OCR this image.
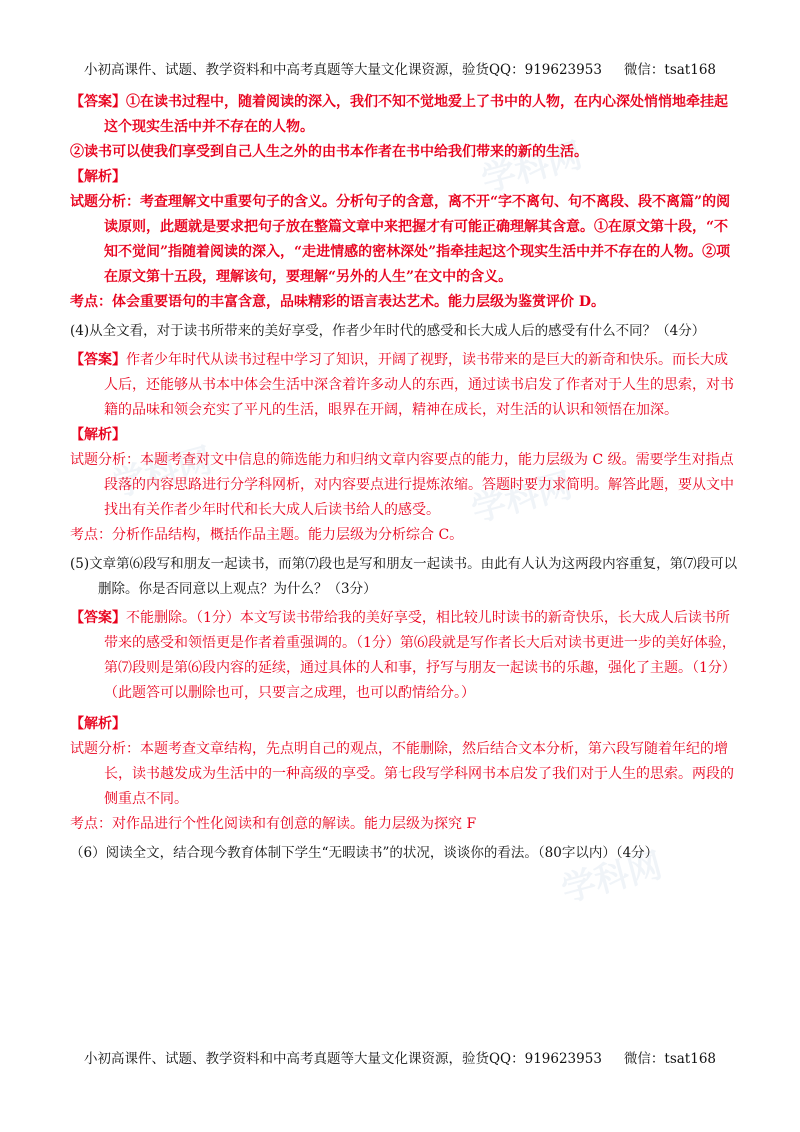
小初高课件、试题、教学资料和中高考真题等大量文化课资源，验货QQ：919623953 微信：tsat168
学科网
学科网	学科网
学科网

【答案】①在读书过程中，随着阅读的深入，我们不知不觉地爱上了书中的人物，在内心深处悄悄地牵挂起这个现实生活中并不存在的人物。

②读书可以使我们享受到自己人生之外的由书本作者在书中给我们带来的新的生活。

【解析】

试题分析：考查理解文中重要句子的含义。分析句子的含意，离不开“字不离句、句不离段、段不离篇”的阅读原则，此题就是要求把句子放在整篇文章中来把握才有可能正确理解其含意。①在原文第十段，“不知不觉间”指随着阅读的深入，“走进情感的密林深处”指牵挂起这个现实生活中并不存在的人物。②项在原文第十五段，理解该句，要理解“另外的人生”在文中的含义。

考点：体会重要语句的丰富含意，品味精彩的语言表达艺术。能力层级为鉴赏评价 D。

(4)从全文看，对于读书所带来的美好享受，作者少年时代的感受和长大成人后的感受有什么不同？（4分）

【答案】作者少年时代从读书过程中学习了知识，开阔了视野，读书带来的是巨大的新奇和快乐。而长大成人后，还能够从书本中体会生活中深含着许多动人的东西，通过读书启发了作者对于人生的思索，对书籍的品味和领会充实了平凡的生活，眼界在开阔，精神在成长，对生活的认识和领悟在加深。

【解析】

试题分析：本题考查对文中信息的筛选能力和归纳文章内容要点的能力，能力层级为 C 级。需要学生对指点段落的内容思路进行分学科网析，对内容要点进行提炼浓缩。答题时要力求简明。解答此题，要从文中找出有关作者少年时代和长大成人后读书给人的感受。

考点：分析作品结构，概括作品主题。能力层级为分析综合 C。

(5)文章第⑹段写和朋友一起读书，而第⑺段也是写和朋友一起读书。由此有人认为这两段内容重复，第⑺段可以删除。你是否同意以上观点？为什么？（3分）

【答案】不能删除。（1分）本文写读书带给我的美好享受，相比较儿时读书的新奇快乐，长大成人后读书所带来的感受和领悟更是作者着重强调的。（1分）第⑹段就是写作者长大后对读书更进一步的美好体验，第⑺段则是第⑹段内容的延续，通过具体的人和事，抒写与朋友一起读书的乐趣，强化了主题。（1分）（此题答可以删除也可，只要言之成理，也可以酌情给分。）

【解析】

试题分析：本题考查文章结构，先点明自己的观点，不能删除，然后结合文本分析，第六段写随着年纪的增长，读书越发成为生活中的一种高级的享受。第七段写学科网书本启发了我们对于人生的思索。两段的侧重点不同。

考点：对作品进行个性化阅读和有创意的解读。能力层级为探究 F

（6）阅读全文，结合现今教育体制下学生“无暇读书”的状况，谈谈你的看法。（80字以内）（4分）

小初高课件、试题、教学资料和中高考真题等大量文化课资源，验货QQ：919623953 微信：tsat168
